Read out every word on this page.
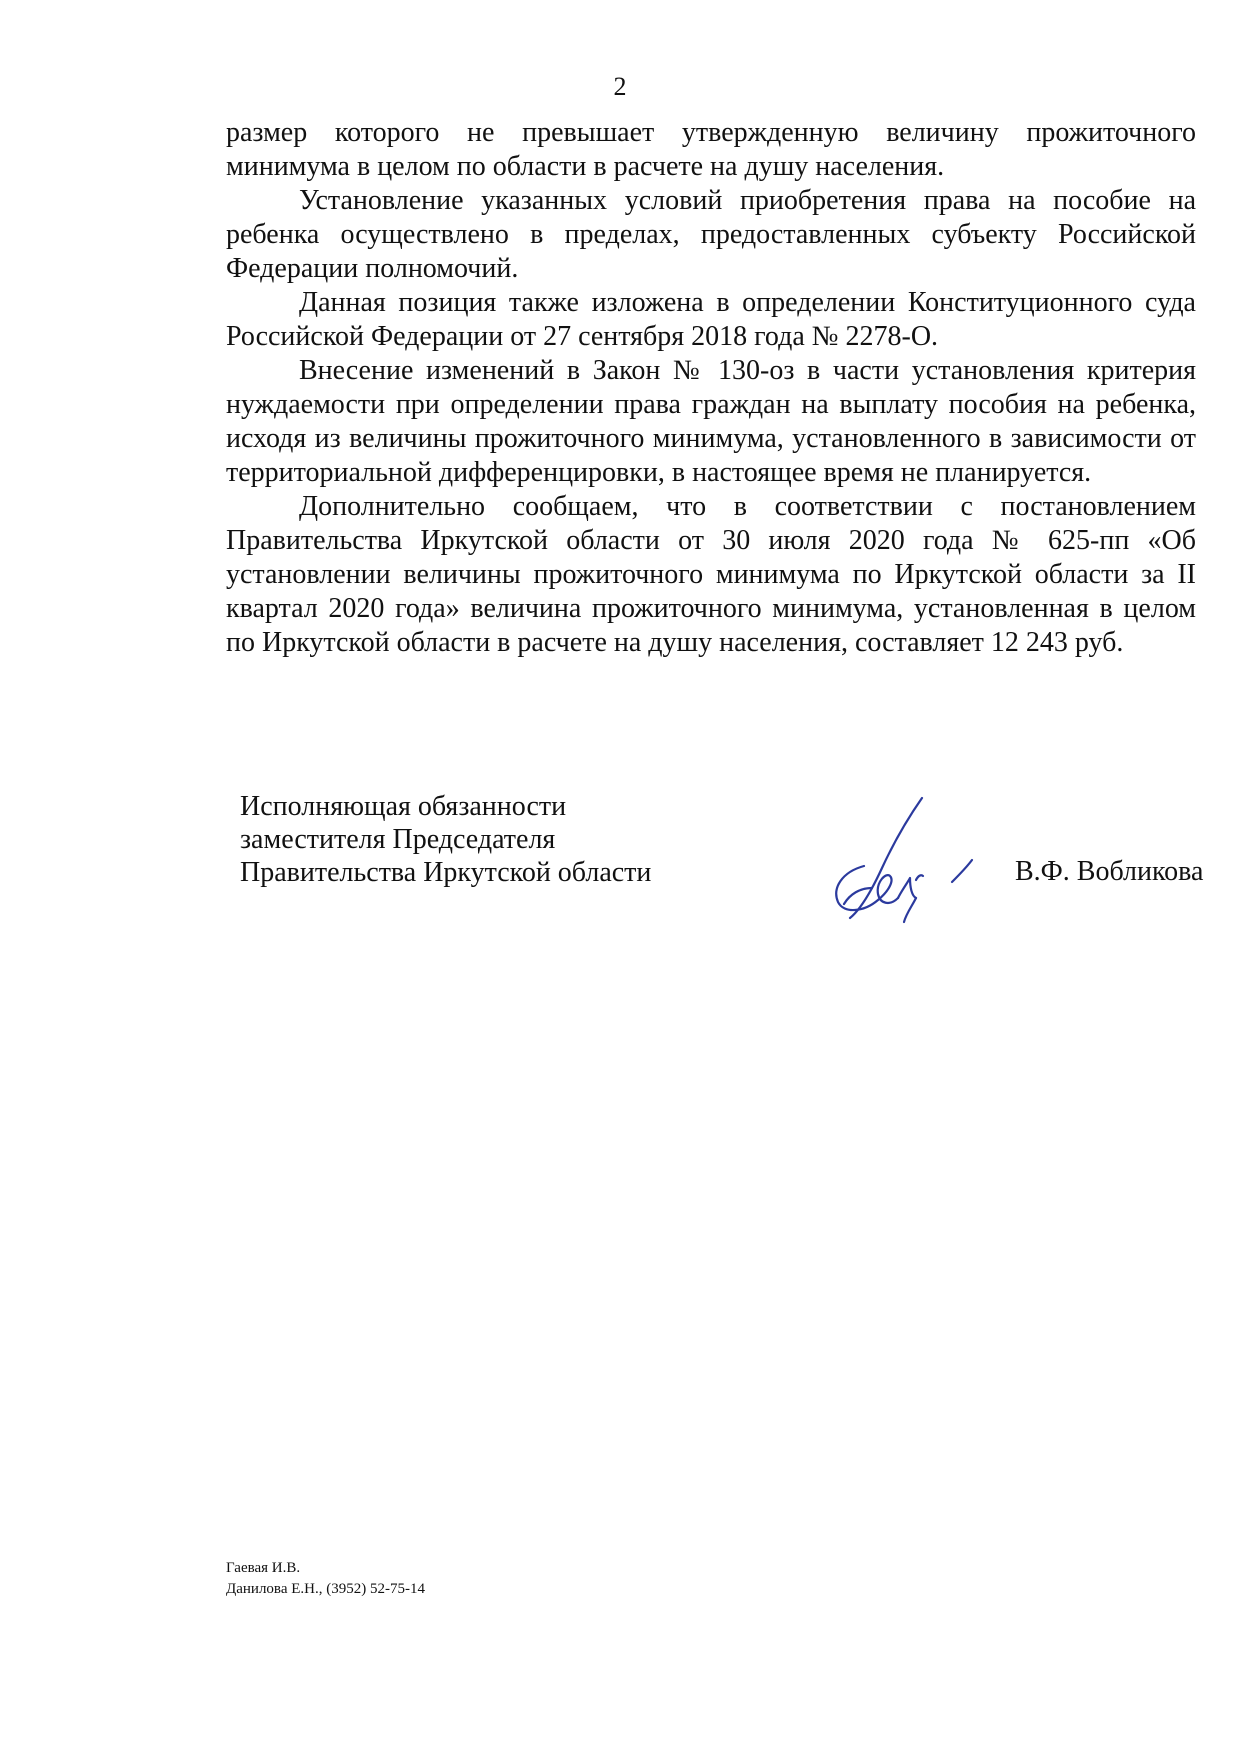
2

размер которого не превышает утвержденную величину прожиточного минимума в целом по области в расчете на душу населения.

Установление указанных условий приобретения права на пособие на ребенка осуществлено в пределах, предоставленных субъекту Российской Федерации полномочий.

Данная позиция также изложена в определении Конституционного суда Российской Федерации от 27 сентября 2018 года № 2278-О.

Внесение изменений в Закон № 130-оз в части установления критерия нуждаемости при определении права граждан на выплату пособия на ребенка, исходя из величины прожиточного минимума, установленного в зависимости от территориальной дифференцировки, в настоящее время не планируется.

Дополнительно сообщаем, что в соответствии с постановлением Правительства Иркутской области от 30 июля 2020 года № 625-пп «Об установлении величины прожиточного минимума по Иркутской области за II квартал 2020 года» величина прожиточного минимума, установленная в целом по Иркутской области в расчете на душу населения, составляет 12 243 руб.

Исполняющая обязанности
заместителя Председателя
Правительства Иркутской области	В.Ф. Вобликова
Гаевая И.В.
Данилова Е.Н., (3952) 52-75-14
